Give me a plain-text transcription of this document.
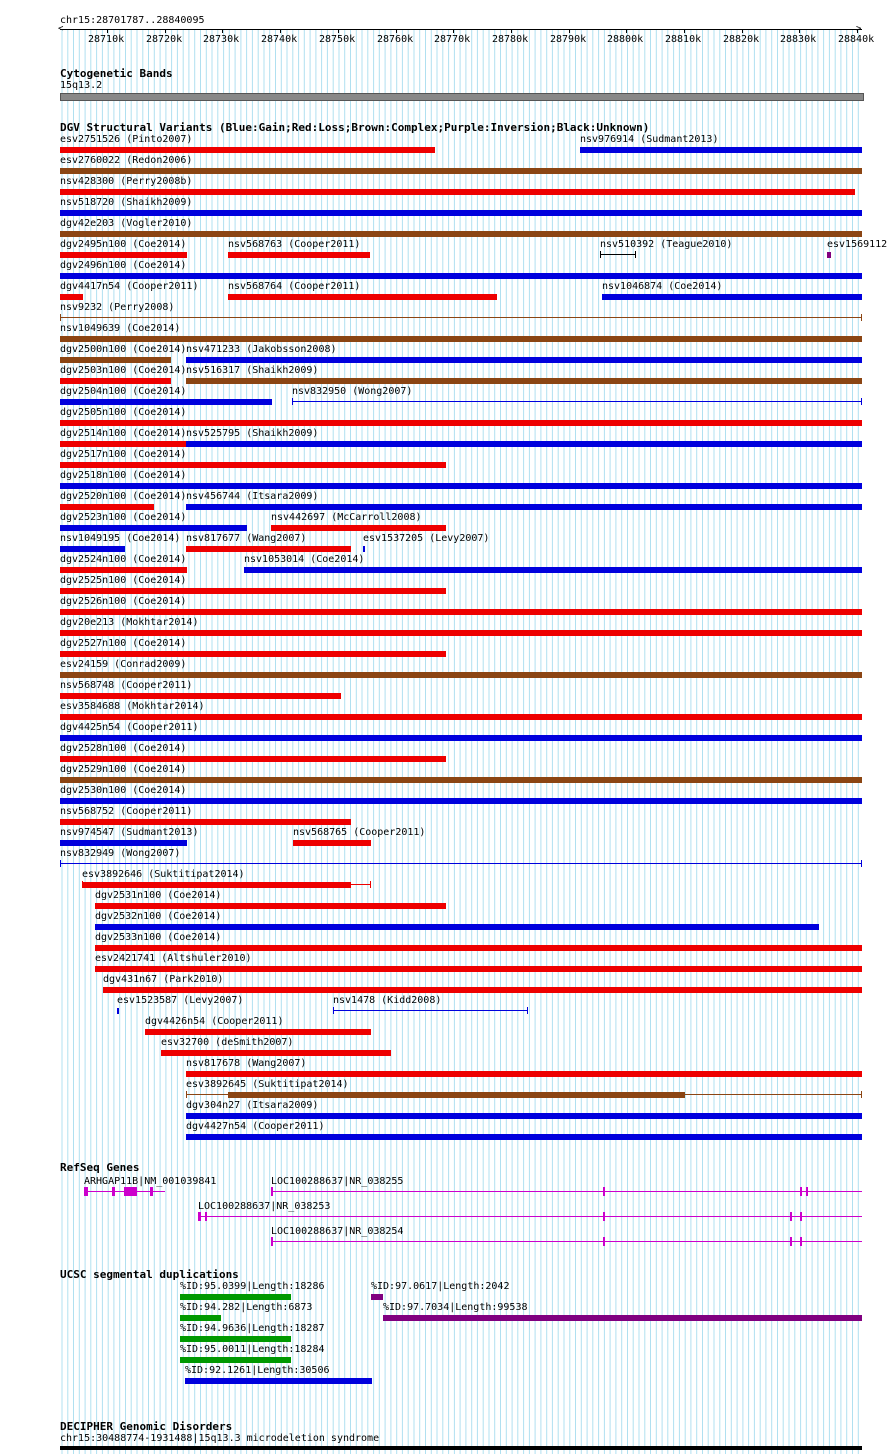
chr15:28701787..28840095
28710k 28720k 28730k 28740k 28750k 28760k 28770k 28780k 28790k 28800k 28810k 28820k 28830k 28840k
<	>
Cytogenetic Bands
15q13.2
DGV Structural Variants (Blue:Gain;Red:Loss;Brown:Complex;Purple:Inversion;Black:Unknown)
esv2751526 (Pinto2007)	nsv976914 (Sudmant2013)
esv2760022 (Redon2006)
nsv428300 (Perry2008b)
nsv518720 (Shaikh2009)
dgv42e203 (Vogler2010)
dgv2495n100 (Coe2014)	nsv568763 (Cooper2011)	nsv510392 (Teague2010)	esv1569112
dgv2496n100 (Coe2014)
dgv4417n54 (Cooper2011)	nsv568764 (Cooper2011)	nsv1046874 (Coe2014)
nsv9232 (Perry2008)
nsv1049639 (Coe2014)
dgv2500n100 (Coe2014) nsv471233 (Jakobsson2008)
dgv2503n100 (Coe2014) nsv516317 (Shaikh2009)
dgv2504n100 (Coe2014)	nsv832950 (Wong2007)
dgv2505n100 (Coe2014)
dgv2514n100 (Coe2014) nsv525795 (Shaikh2009)
dgv2517n100 (Coe2014)
dgv2518n100 (Coe2014)
dgv2520n100 (Coe2014) nsv456744 (Itsara2009)
dgv2523n100 (Coe2014)	nsv442697 (McCarroll2008)
nsv1049195 (Coe2014) nsv817677 (Wang2007)	esv1537205 (Levy2007)
dgv2524n100 (Coe2014)	nsv1053014 (Coe2014)
dgv2525n100 (Coe2014)
dgv2526n100 (Coe2014)
dgv20e213 (Mokhtar2014)
dgv2527n100 (Coe2014)
esv24159 (Conrad2009)
nsv568748 (Cooper2011)
esv3584688 (Mokhtar2014)
dgv4425n54 (Cooper2011)
dgv2528n100 (Coe2014)
dgv2529n100 (Coe2014)
dgv2530n100 (Coe2014)
nsv568752 (Cooper2011)
nsv974547 (Sudmant2013)	nsv568765 (Cooper2011)
nsv832949 (Wong2007)
esv3892646 (Suktitipat2014)
dgv2531n100 (Coe2014)
dgv2532n100 (Coe2014)
dgv2533n100 (Coe2014)
esv2421741 (Altshuler2010)
dgv431n67 (Park2010)
esv1523587 (Levy2007)	nsv1478 (Kidd2008)
dgv4426n54 (Cooper2011)
esv32700 (deSmith2007)
nsv817678 (Wang2007)
esv3892645 (Suktitipat2014)
dgv304n27 (Itsara2009)
dgv4427n54 (Cooper2011)
RefSeq Genes
ARHGAP11B|NM_001039841	LOC100288637|NR_038255
LOC100288637|NR_038253
LOC100288637|NR_038254
UCSC segmental duplications
%ID:95.0399|Length:18286	%ID:97.0617|Length:2042
%ID:94.282|Length:6873	%ID:97.7034|Length:99538
%ID:94.9636|Length:18287
%ID:95.0011|Length:18284
%ID:92.1261|Length:30506
DECIPHER Genomic Disorders
chr15:30488774-1931488|15q13.3 microdeletion syndrome
